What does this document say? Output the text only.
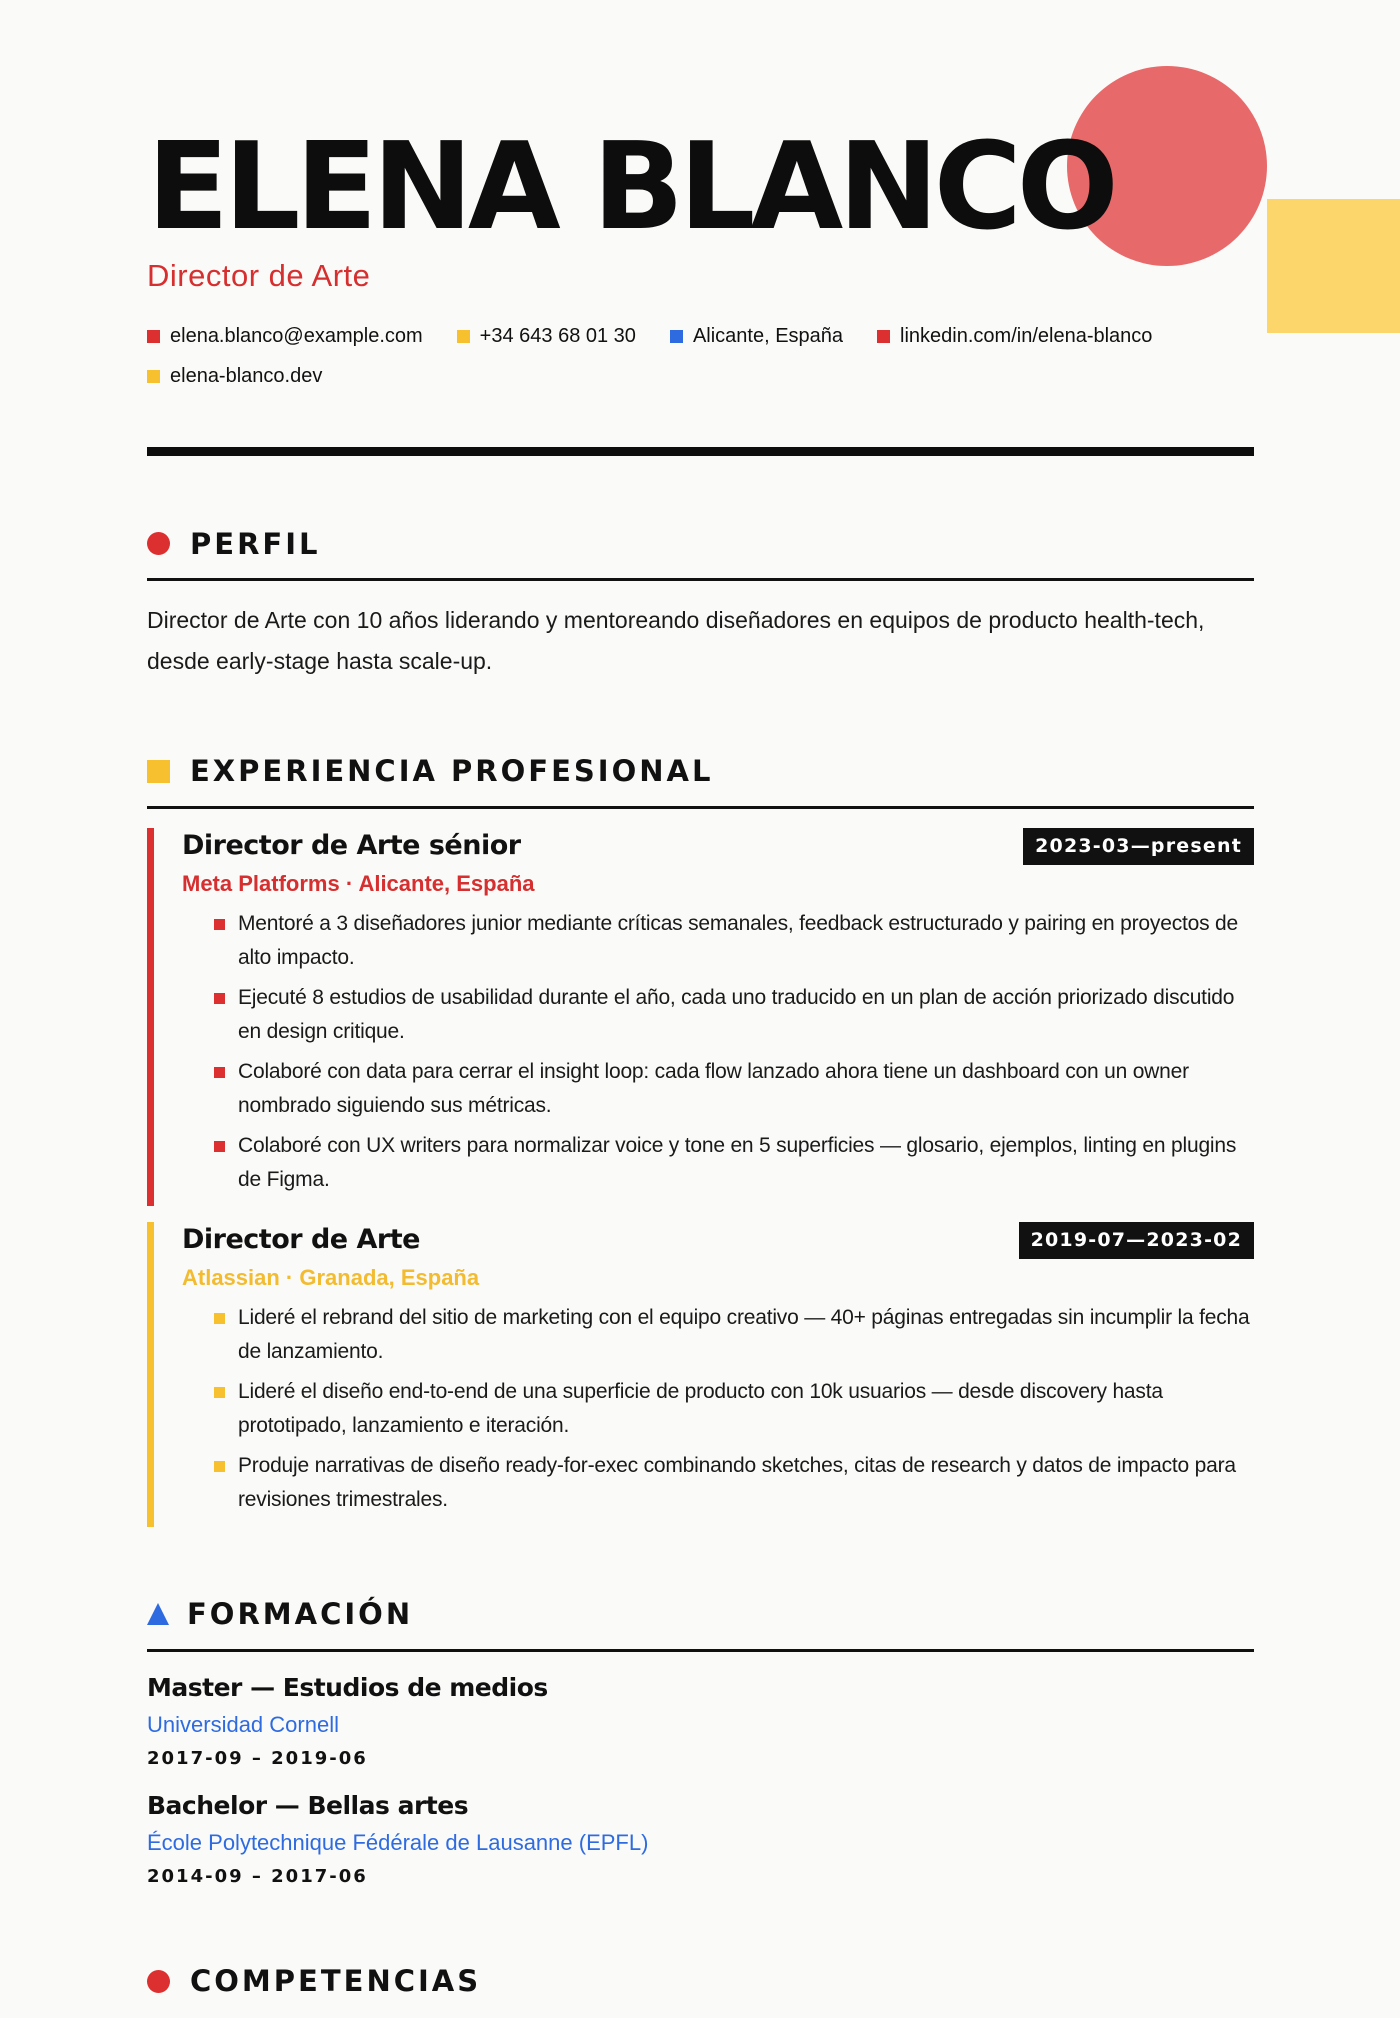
ELENA BLANCO
Director de Arte
elena.blanco@example.com	+34 643 68 01 30	Alicante, España	linkedin.com/in/elena-blanco
elena-blanco.dev
PERFIL

Director de Arte con 10 años liderando y mentoreando diseñadores en equipos de producto health-tech, desde early-stage hasta scale-up.

EXPERIENCIA PROFESIONAL
Director de Arte sénior	2023-03—present
Meta Platforms · Alicante, España
Mentoré a 3 diseñadores junior mediante críticas semanales, feedback estructurado y pairing en proyectos de alto impacto.
Ejecuté 8 estudios de usabilidad durante el año, cada uno traducido en un plan de acción priorizado discutido en design critique.
Colaboré con data para cerrar el insight loop: cada flow lanzado ahora tiene un dashboard con un owner nombrado siguiendo sus métricas.
Colaboré con UX writers para normalizar voice y tone en 5 superficies — glosario, ejemplos, linting en plugins de Figma.
Director de Arte	2019-07—2023-02
Atlassian · Granada, España
Lideré el rebrand del sitio de marketing con el equipo creativo — 40+ páginas entregadas sin incumplir la fecha de lanzamiento.
Lideré el diseño end-to-end de una superficie de producto con 10k usuarios — desde discovery hasta prototipado, lanzamiento e iteración.
Produje narrativas de diseño ready-for-exec combinando sketches, citas de research y datos de impacto para revisiones trimestrales.
FORMACIÓN
Master — Estudios de medios
Universidad Cornell
2017-09 – 2019-06
Bachelor — Bellas artes
École Polytechnique Fédérale de Lausanne (EPFL)
2014-09 – 2017-06
COMPETENCIAS
